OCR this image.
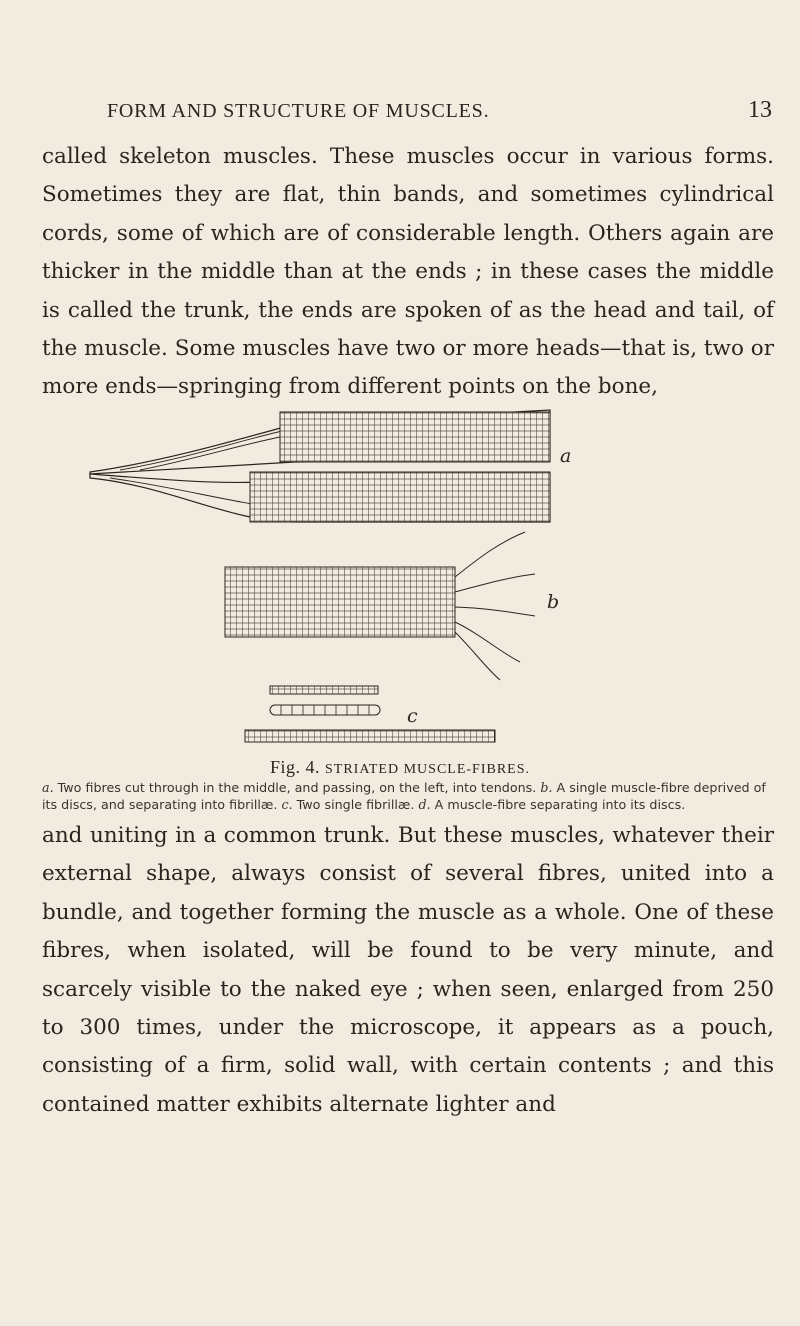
FORM AND STRUCTURE OF MUSCLES.	13

called skeleton muscles. These muscles occur in various forms. Sometimes they are flat, thin bands, and sometimes cylindrical cords, some of which are of considerable length. Others again are thicker in the middle than at the ends ; in these cases the middle is called the trunk, the ends are spoken of as the head and tail, of the muscle. Some muscles have two or more heads—that is, two or more ends—springing from different points on the bone,

a
b
c
Fig. 4. STRIATED MUSCLE-FIBRES.

a. Two fibres cut through in the middle, and passing, on the left, into tendons. b. A single muscle-fibre deprived of its discs, and separating into fibrillæ. c. Two single fibrillæ. d. A muscle-fibre separating into its discs.

and uniting in a common trunk. But these muscles, whatever their external shape, always consist of several fibres, united into a bundle, and together forming the muscle as a whole. One of these fibres, when isolated, will be found to be very minute, and scarcely visible to the naked eye ; when seen, enlarged from 250 to 300 times, under the microscope, it appears as a pouch, consisting of a firm, solid wall, with certain contents ; and this contained matter exhibits alternate lighter and
